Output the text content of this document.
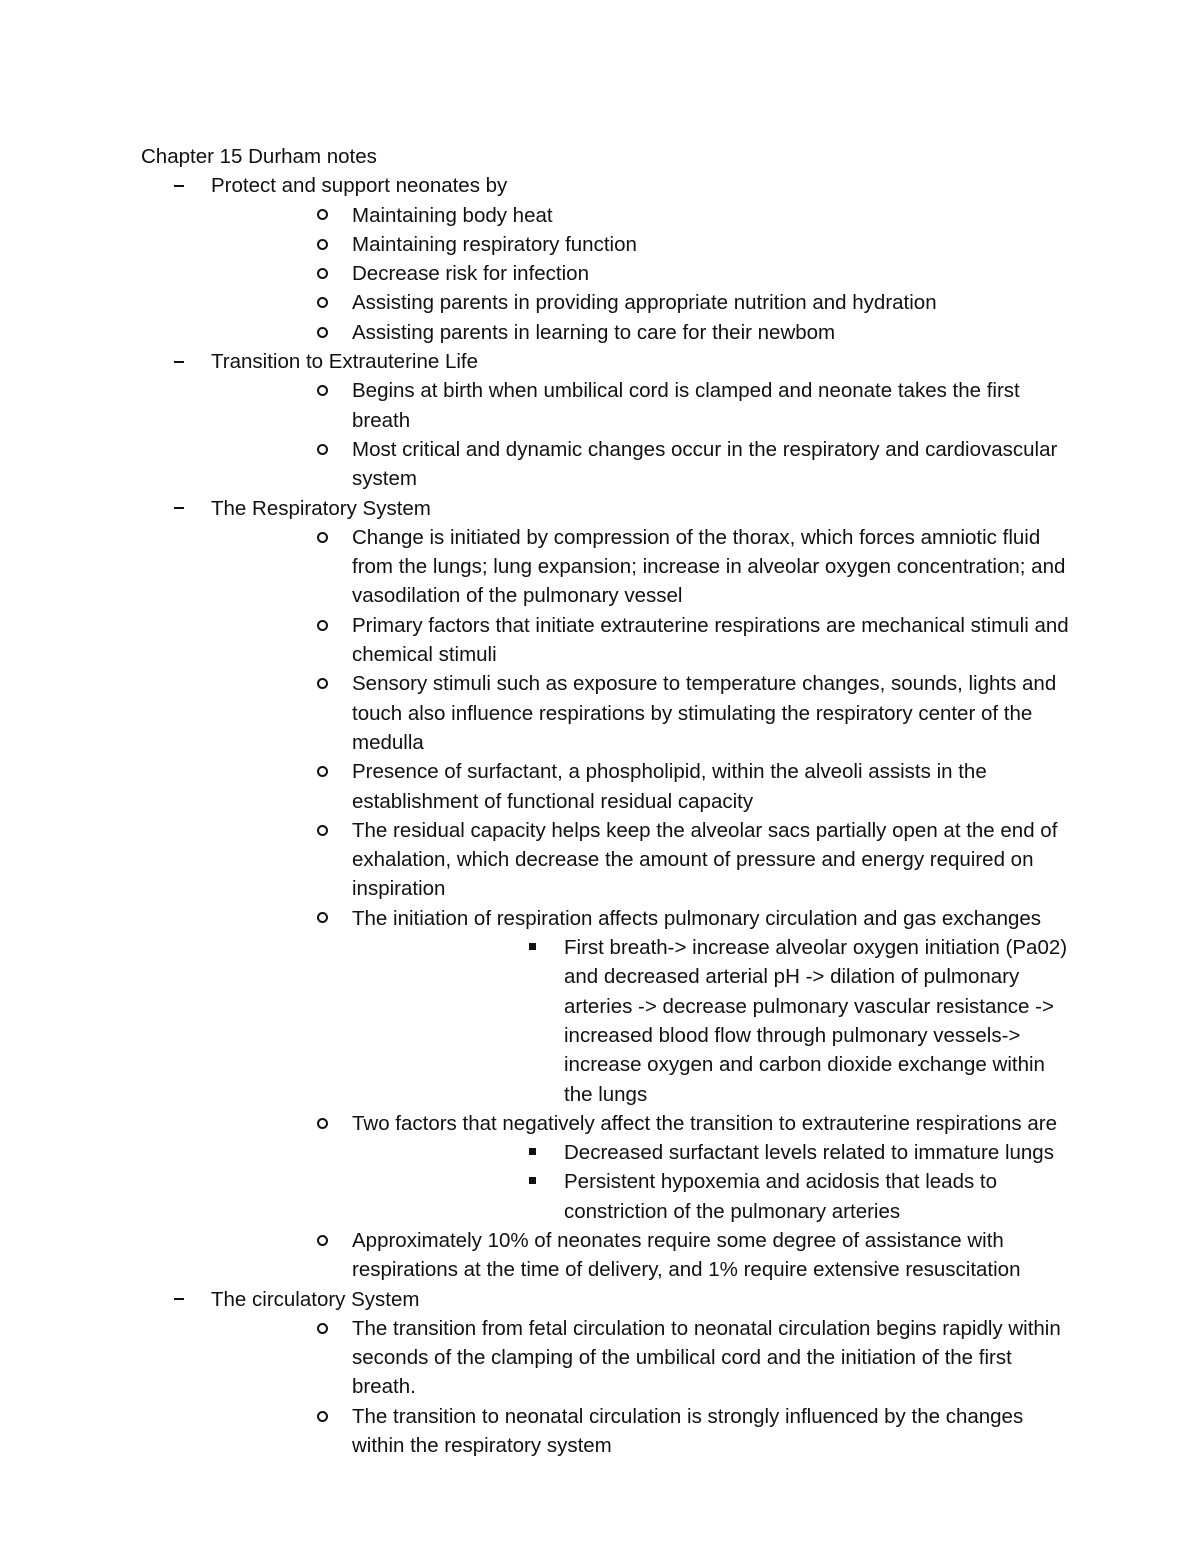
Chapter 15 Durham notes
Protect and support neonates by
Maintaining body heat
Maintaining respiratory function
Decrease risk for infection
Assisting parents in providing appropriate nutrition and hydration
Assisting parents in learning to care for their newbom
Transition to Extrauterine Life
Begins at birth when umbilical cord is clamped and neonate takes the first breath
Most critical and dynamic changes occur in the respiratory and cardiovascular system
The Respiratory System
Change is initiated by compression of the thorax, which forces amniotic fluid from the lungs; lung expansion; increase in alveolar oxygen concentration; and vasodilation of the pulmonary vessel
Primary factors that initiate extrauterine respirations are mechanical stimuli and chemical stimuli
Sensory stimuli such as exposure to temperature changes, sounds, lights and touch also influence respirations by stimulating the respiratory center of the medulla
Presence of surfactant, a phospholipid, within the alveoli assists in the establishment of functional residual capacity
The residual capacity helps keep the alveolar sacs partially open at the end of exhalation, which decrease the amount of pressure and energy required on inspiration
The initiation of respiration affects pulmonary circulation and gas exchanges
First breath-> increase alveolar oxygen initiation (Pa02) and decreased arterial pH -> dilation of pulmonary arteries -> decrease pulmonary vascular resistance -> increased blood flow through pulmonary vessels-> increase oxygen and carbon dioxide exchange within the lungs
Two factors that negatively affect the transition to extrauterine respirations are
Decreased surfactant levels related to immature lungs
Persistent hypoxemia and acidosis that leads to constriction of the pulmonary arteries
Approximately 10% of neonates require some degree of assistance with respirations at the time of delivery, and 1% require extensive resuscitation
The circulatory System
The transition from fetal circulation to neonatal circulation begins rapidly within seconds of the clamping of the umbilical cord and the initiation of the first breath.
The transition to neonatal circulation is strongly influenced by the changes within the respiratory system
